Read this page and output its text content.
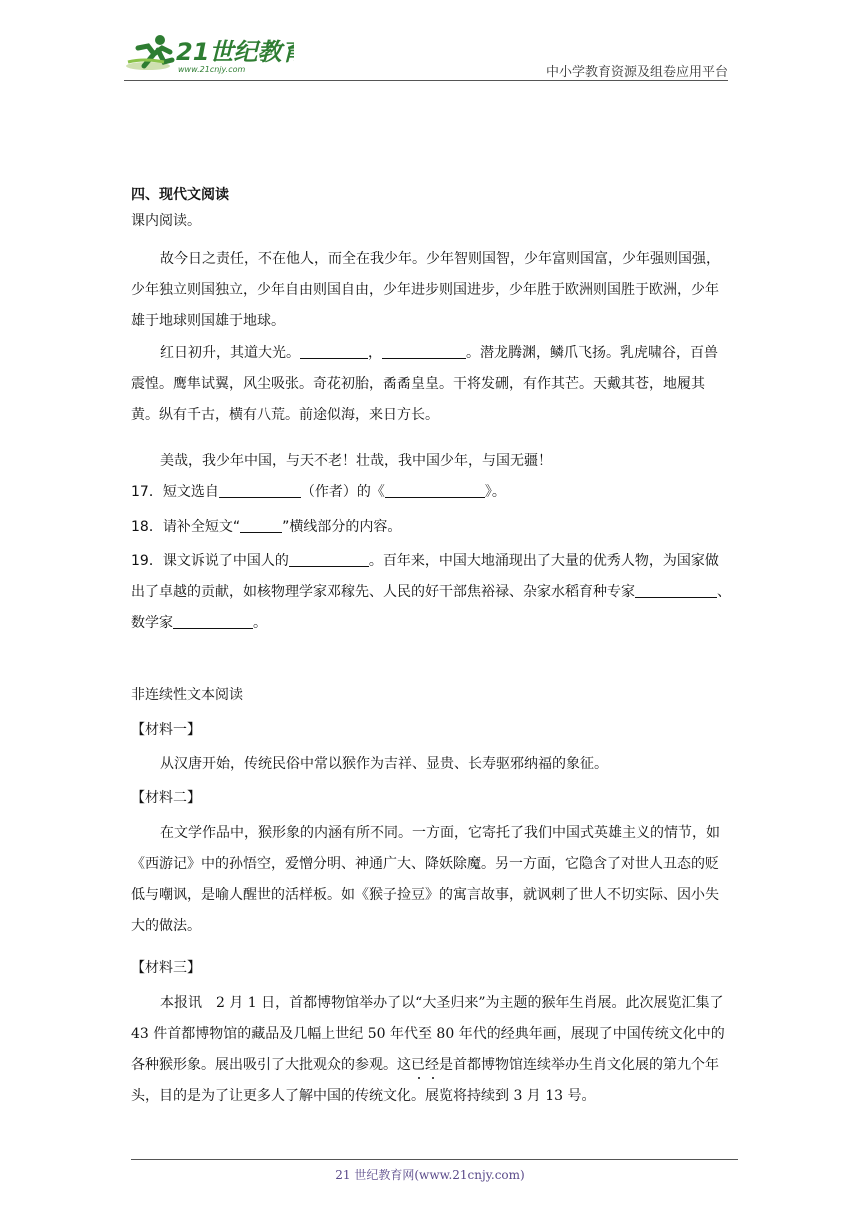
21世纪教育
www.21cnjy.com	中小学教育资源及组卷应用平台

四、现代文阅读

课内阅读。

故今日之责任，不在他人，而全在我少年。少年智则国智，少年富则国富，少年强则国强，少年独立则国独立，少年自由则国自由，少年进步则国进步，少年胜于欧洲则国胜于欧洲，少年雄于地球则国雄于地球。

红日初升，其道大光。	，	。潜龙腾渊，鳞爪飞扬。乳虎啸谷，百兽震惶。鹰隼试翼，风尘吸张。奇花初胎，矞矞皇皇。干将发硎，有作其芒。天戴其苍，地履其黄。纵有千古，横有八荒。前途似海，来日方长。

美哉，我少年中国，与天不老！壮哉，我中国少年，与国无疆！

17．短文选自	（作者）的《	》。

18．请补全短文“	”横线部分的内容。

19．课文诉说了中国人的	。百年来，中国大地涌现出了大量的优秀人物，为国家做出了卓越的贡献，如核物理学家邓稼先、人民的好干部焦裕禄、杂家水稻育种专家	、数学家	。

非连续性文本阅读

【材料一】

从汉唐开始，传统民俗中常以猴作为吉祥、显贵、长寿驱邪纳福的象征。

【材料二】

在文学作品中，猴形象的内涵有所不同。一方面，它寄托了我们中国式英雄主义的情节，如《西游记》中的孙悟空，爱憎分明、神通广大、降妖除魔。另一方面，它隐含了对世人丑态的贬低与嘲讽，是喻人醒世的活样板。如《猴子捡豆》的寓言故事，就讽刺了世人不切实际、因小失大的做法。

【材料三】

本报讯　2 月 1 日，首都博物馆举办了以“大圣归来”为主题的猴年生肖展。此次展览汇集了 43 件首都博物馆的藏品及几幅上世纪 50 年代至 80 年代的经典年画，展现了中国传统文化中的各种猴形象。展出吸引了大批观众的参观。这已经是首都博物馆连续举办生肖文化展的第九个年头，目的是为了让更多人了解中国的传统文化。展览将持续到 3 月 13 号。

21 世纪教育网(www.21cnjy.com)
